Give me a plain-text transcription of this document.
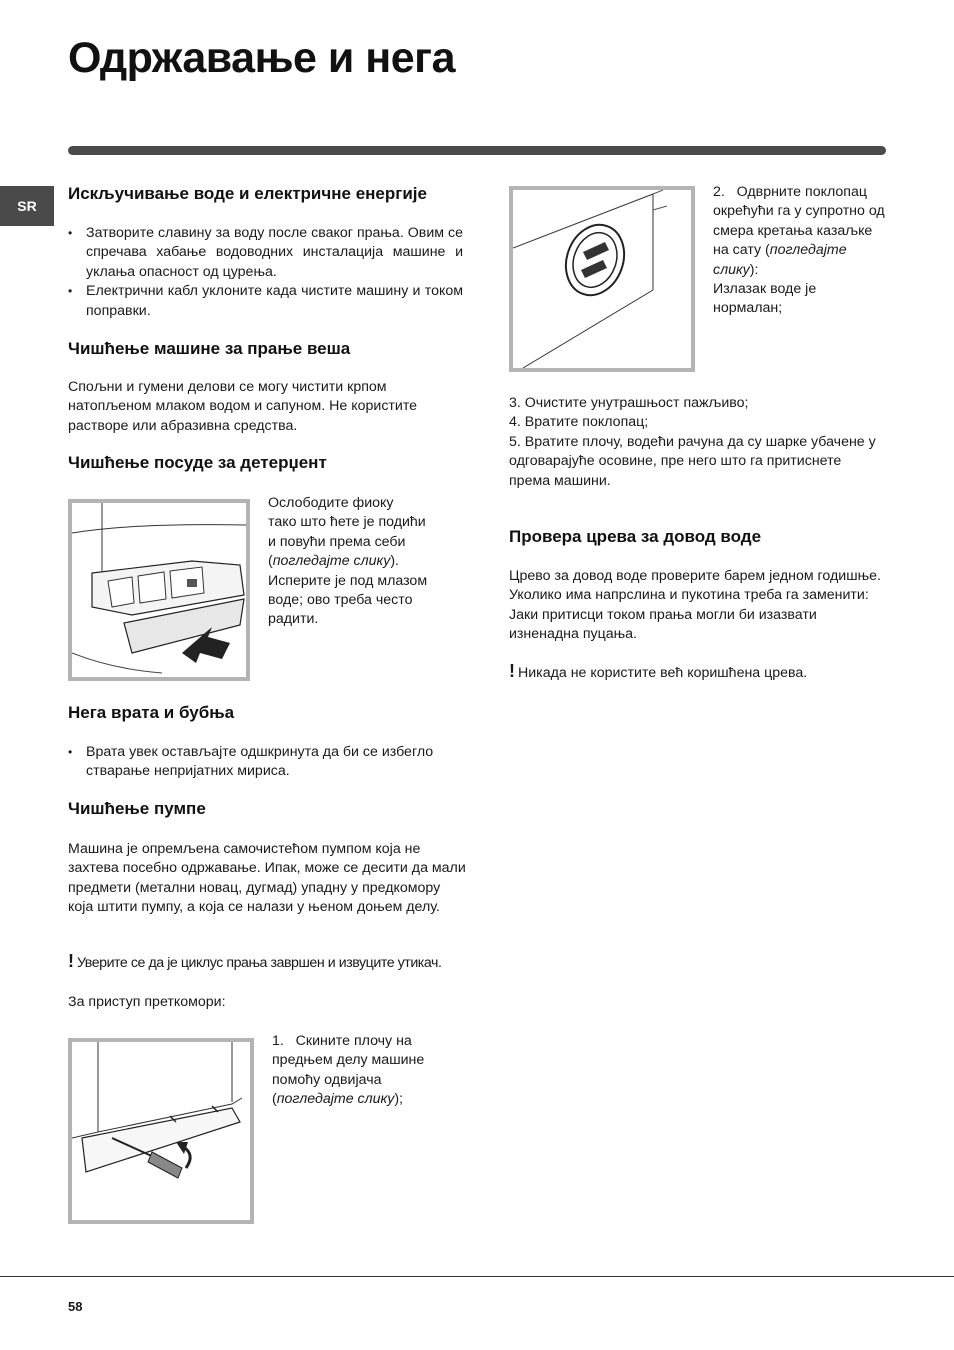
Одржавање и нега
SR
Искључивање воде и електричне енергије
• Затворите славину за воду после сваког прања. Овим се спречава хабање водоводних инсталација машине и уклања опасност од цурења.
• Електрични кабл уклоните када чистите машину и током поправки.
Чишћење машине за прање веша

Спољни и гумени делови се могу чистити крпом натопљеном млаком водом и сапуном. Не користите раствоpе или абразивна средства.

Чишћење посуде за детерџент

Ослободите фиоку
тако што ћете је подићи
и повући према себи
(погледајте слику).
Исперите је под млазом воде; ово треба често радити.

Нега врата и бубња
• Врата увек остављајте одшкринута да би се избегло стварање непријатних мириса.
Чишћење пумпе

Машина је опремљена самочистећом пумпом која не захтева посебно одржавање. Ипак, може се десити да мали предмети (метални новац, дугмад) упадну у предкомору која штити пумпу, а која се налази у њеном доњем делу.

! Уверите се да је циклус прања завршен и извуците утикач.

За приступ преткомори:

1.   Скините плочу на предњем делу машине помоћу одвијача (погледајте слику);

2.   Одврните поклопац окрећући га у супротно од смера кретања казаљке на сату (погледајте слику):
Излазак воде је нормалан;

3. Очистите унутрашњост пажљиво;
4. Вратите поклопац;
5. Вратите плочу, водећи рачуна да су шарке убачене у одговарајуће осовине, пре него што га притиснете према машини.

Провера црева за довод воде

Црево за довод воде проверите барем једном годишње. Уколико има напрслина и пукотина треба га заменити: Јаки притисци током прања могли би изазвати изненадна пуцања.

! Никада не користите већ коришћена црева.

58
